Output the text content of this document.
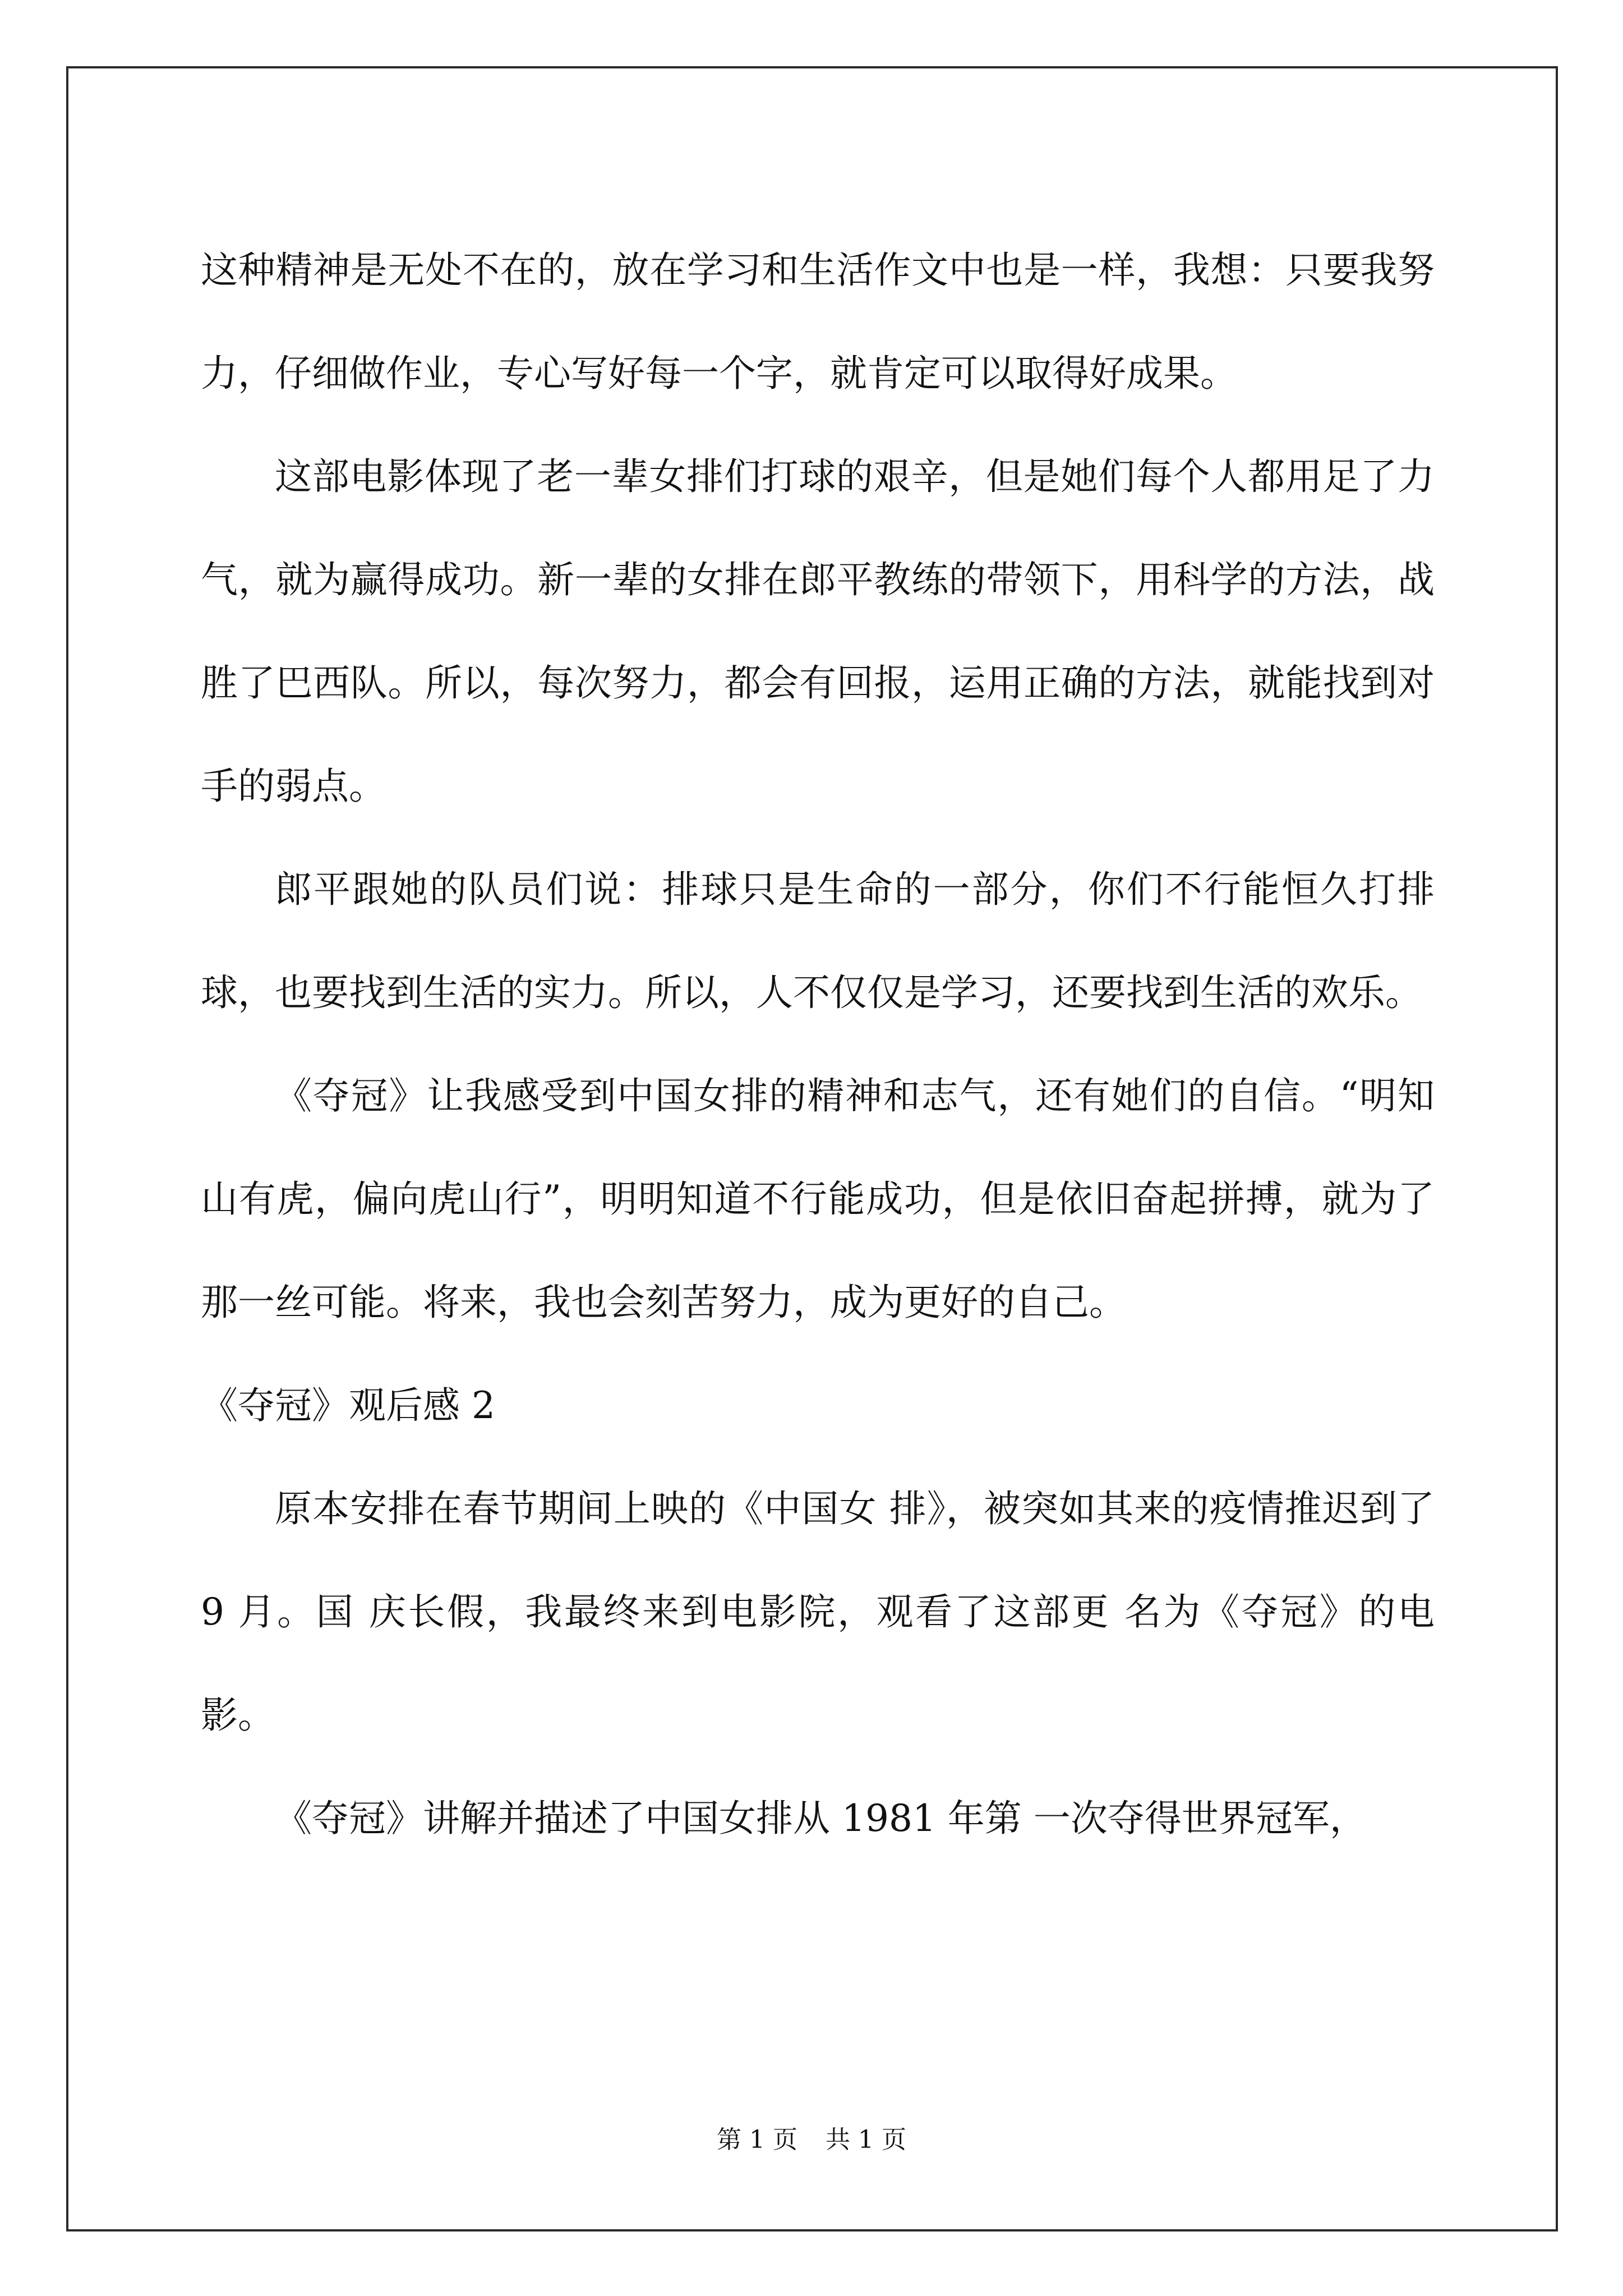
这种精神是无处不在的，放在学习和生活作文中也是一样，我想：只要我努力，仔细做作业，专心写好每一个字，就肯定可以取得好成果。

这部电影体现了老一辈女排们打球的艰辛，但是她们每个人都用足了力气，就为赢得成功。新一辈的女排在郎平教练的带领下，用科学的方法，战胜了巴西队。所以，每次努力，都会有回报，运用正确的方法，就能找到对手的弱点。

郎平跟她的队员们说：排球只是生命的一部分，你们不行能恒久打排球，也要找到生活的实力。所以，人不仅仅是学习，还要找到生活的欢乐。

《夺冠》让我感受到中国女排的精神和志气，还有她们的自信。“明知山有虎，偏向虎山行”，明明知道不行能成功，但是依旧奋起拼搏，就为了那一丝可能。将来，我也会刻苦努力，成为更好的自己。

《夺冠》观后感 2

原本安排在春节期间上映的《中国女 排》，被突如其来的疫情推迟到了 9 月。国 庆长假，我最终来到电影院，观看了这部更 名为《夺冠》的电影。

《夺冠》讲解并描述了中国女排从 1981 年第 一次夺得世界冠军，

第 1 页 共 1 页
